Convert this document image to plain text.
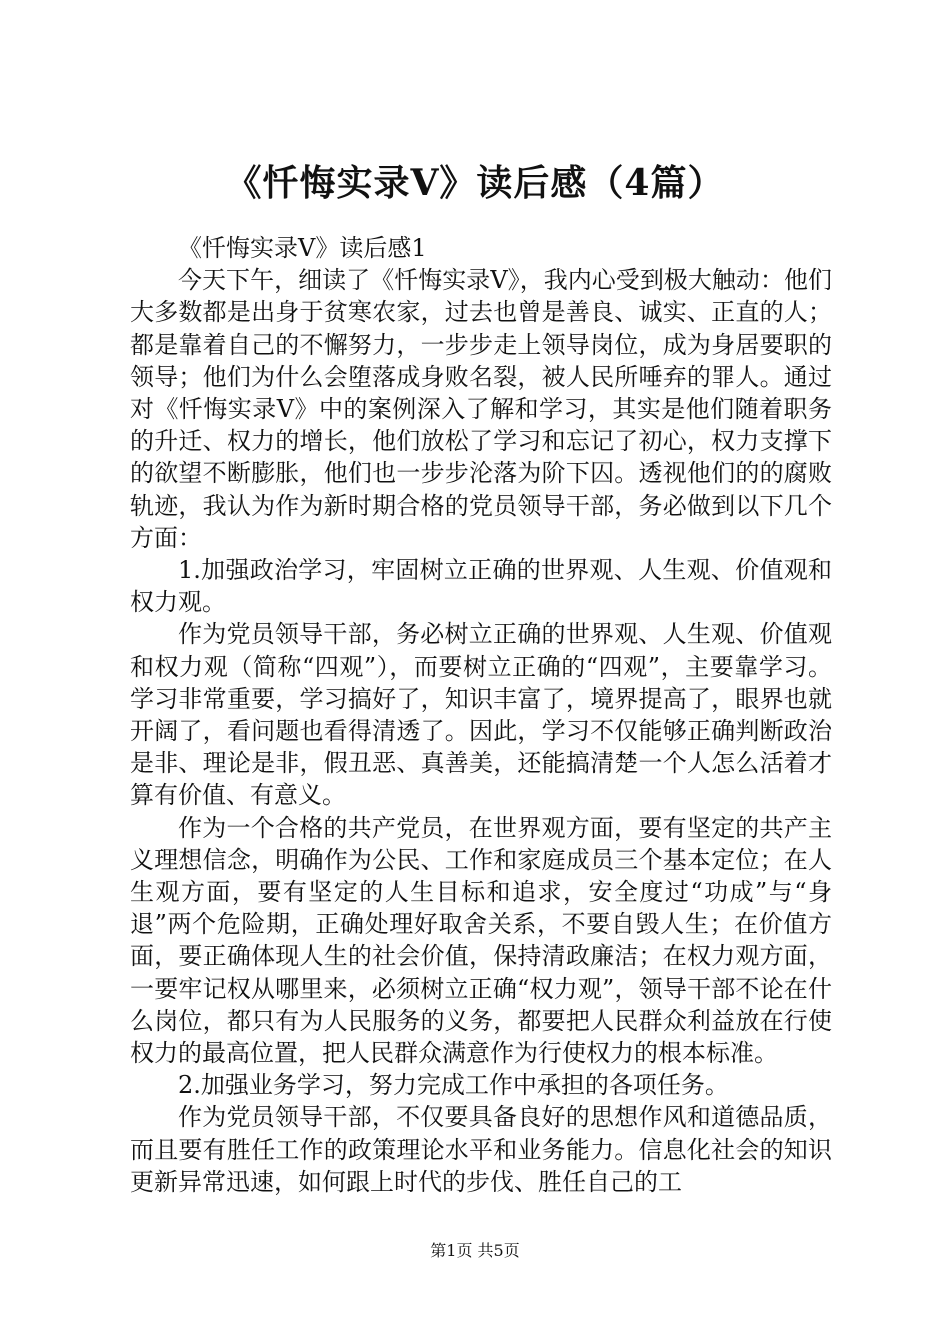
《忏悔实录Ⅴ》读后感（4篇）

《忏悔实录Ⅴ》读后感1

今天下午，细读了《忏悔实录Ⅴ》，我内心受到极大触动：他们大多数都是出身于贫寒农家，过去也曾是善良、诚实、正直的人；都是靠着自己的不懈努力，一步步走上领导岗位，成为身居要职的领导；他们为什么会堕落成身败名裂，被人民所唾弃的罪人。通过对《忏悔实录Ⅴ》中的案例深入了解和学习，其实是他们随着职务的升迁、权力的增长，他们放松了学习和忘记了初心，权力支撑下的欲望不断膨胀，他们也一步步沦落为阶下囚。透视他们的的腐败轨迹，我认为作为新时期合格的党员领导干部，务必做到以下几个方面：

1.加强政治学习，牢固树立正确的世界观、人生观、价值观和权力观。

作为党员领导干部，务必树立正确的世界观、人生观、价值观和权力观（简称“四观”），而要树立正确的“四观”，主要靠学习。学习非常重要，学习搞好了，知识丰富了，境界提高了，眼界也就开阔了，看问题也看得清透了。因此，学习不仅能够正确判断政治是非、理论是非，假丑恶、真善美，还能搞清楚一个人怎么活着才算有价值、有意义。

作为一个合格的共产党员，在世界观方面，要有坚定的共产主义理想信念，明确作为公民、工作和家庭成员三个基本定位；在人生观方面，要有坚定的人生目标和追求，安全度过“功成”与“身退”两个危险期，正确处理好取舍关系，不要自毁人生；在价值方面，要正确体现人生的社会价值，保持清政廉洁；在权力观方面，一要牢记权从哪里来，必须树立正确“权力观”，领导干部不论在什么岗位，都只有为人民服务的义务，都要把人民群众利益放在行使权力的最高位置，把人民群众满意作为行使权力的根本标准。

2.加强业务学习，努力完成工作中承担的各项任务。

作为党员领导干部，不仅要具备良好的思想作风和道德品质，而且要有胜任工作的政策理论水平和业务能力。信息化社会的知识更新异常迅速，如何跟上时代的步伐、胜任自己的工

第1页 共5页
